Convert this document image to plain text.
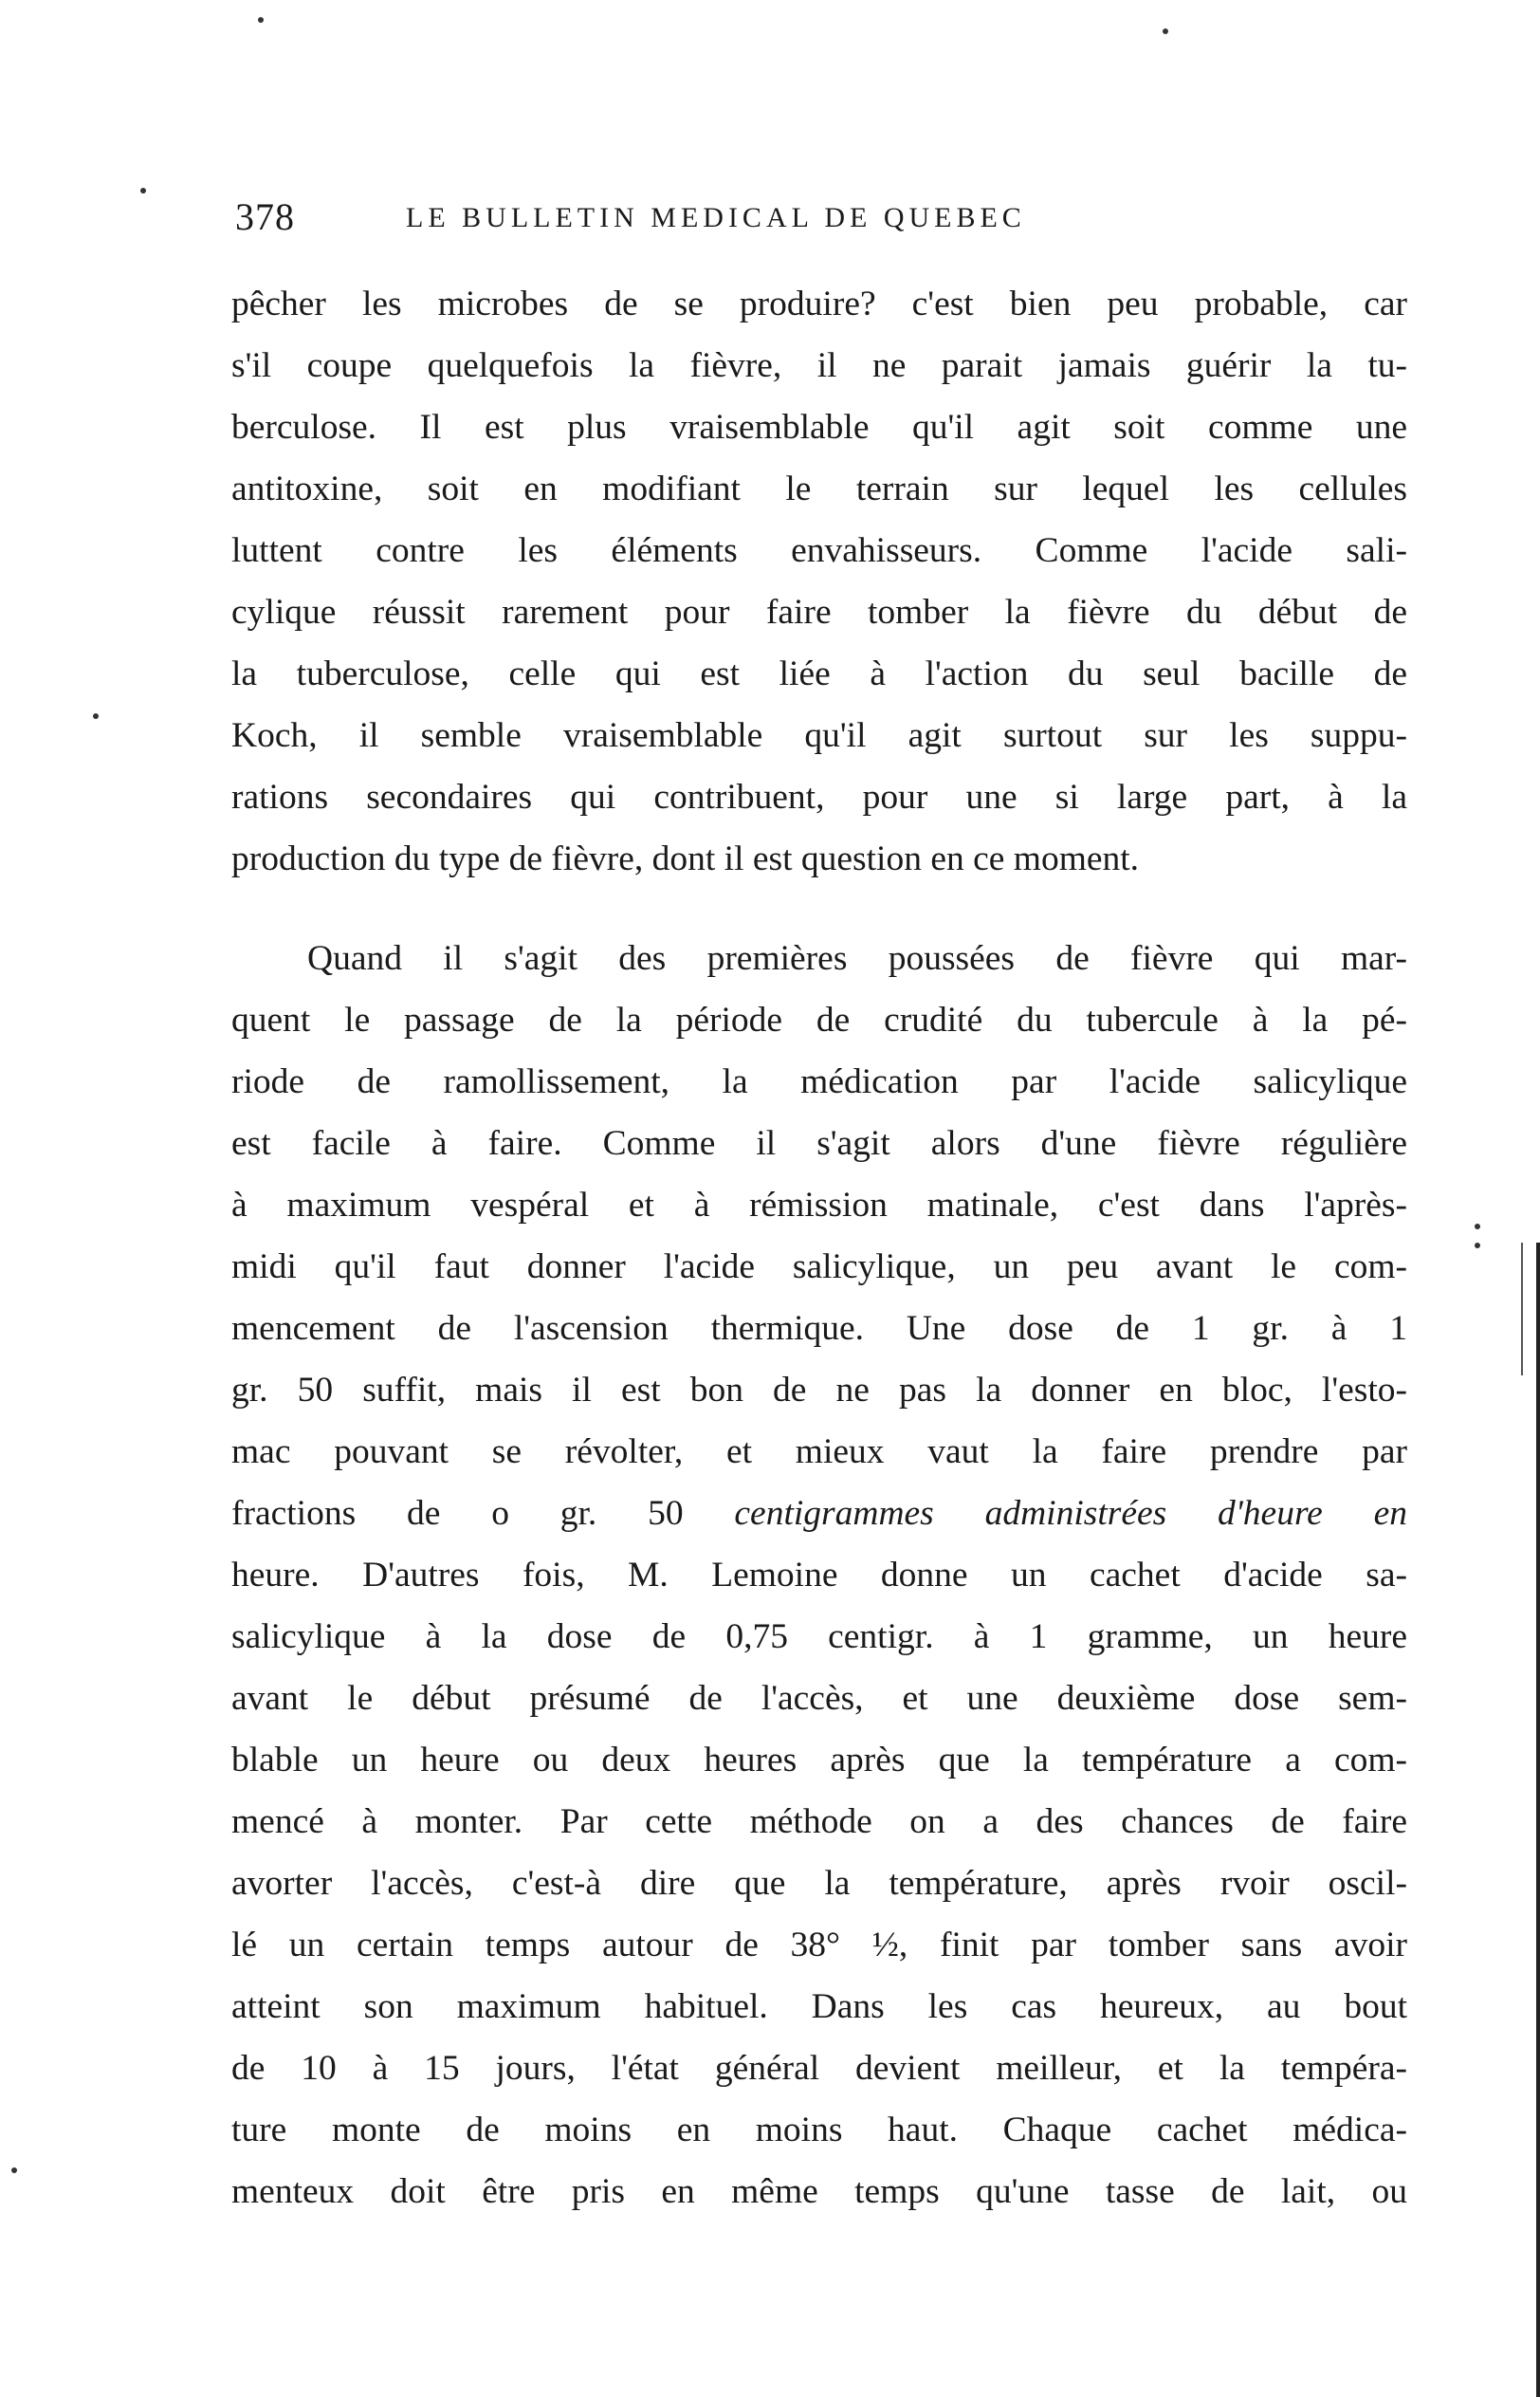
378	LE BULLETIN MEDICAL DE QUEBEC
pêcher les microbes de se produire? c'est bien peu probable, car
s'il coupe quelquefois la fièvre, il ne parait jamais guérir la tu-
berculose. Il est plus vraisemblable qu'il agit soit comme une
antitoxine, soit en modifiant le terrain sur lequel les cellules
luttent contre les éléments envahisseurs. Comme l'acide sali-
cylique réussit rarement pour faire tomber la fièvre du début de
la tuberculose, celle qui est liée à l'action du seul bacille de
Koch, il semble vraisemblable qu'il agit surtout sur les suppu-
rations secondaires qui contribuent, pour une si large part, à la
production du type de fièvre, dont il est question en ce moment.
Quand il s'agit des premières poussées de fièvre qui mar-
quent le passage de la période de crudité du tubercule à la pé-
riode de ramollissement, la médication par l'acide salicylique
est facile à faire. Comme il s'agit alors d'une fièvre régulière
à maximum vespéral et à rémission matinale, c'est dans l'après-
midi qu'il faut donner l'acide salicylique, un peu avant le com-
mencement de l'ascension thermique. Une dose de 1 gr. à 1
gr. 50 suffit, mais il est bon de ne pas la donner en bloc, l'esto-
mac pouvant se révolter, et mieux vaut la faire prendre par
fractions de o gr. 50 centigrammes administrées d'heure en
heure. D'autres fois, M. Lemoine donne un cachet d'acide sa-
salicylique à la dose de 0,75 centigr. à 1 gramme, un heure
avant le début présumé de l'accès, et une deuxième dose sem-
blable un heure ou deux heures après que la température a com-
mencé à monter. Par cette méthode on a des chances de faire
avorter l'accès, c'est-à dire que la température, après rvoir oscil-
lé un certain temps autour de 38° ½, finit par tomber sans avoir
atteint son maximum habituel. Dans les cas heureux, au bout
de 10 à 15 jours, l'état général devient meilleur, et la tempéra-
ture monte de moins en moins haut. Chaque cachet médica-
menteux doit être pris en même temps qu'une tasse de lait, ou
